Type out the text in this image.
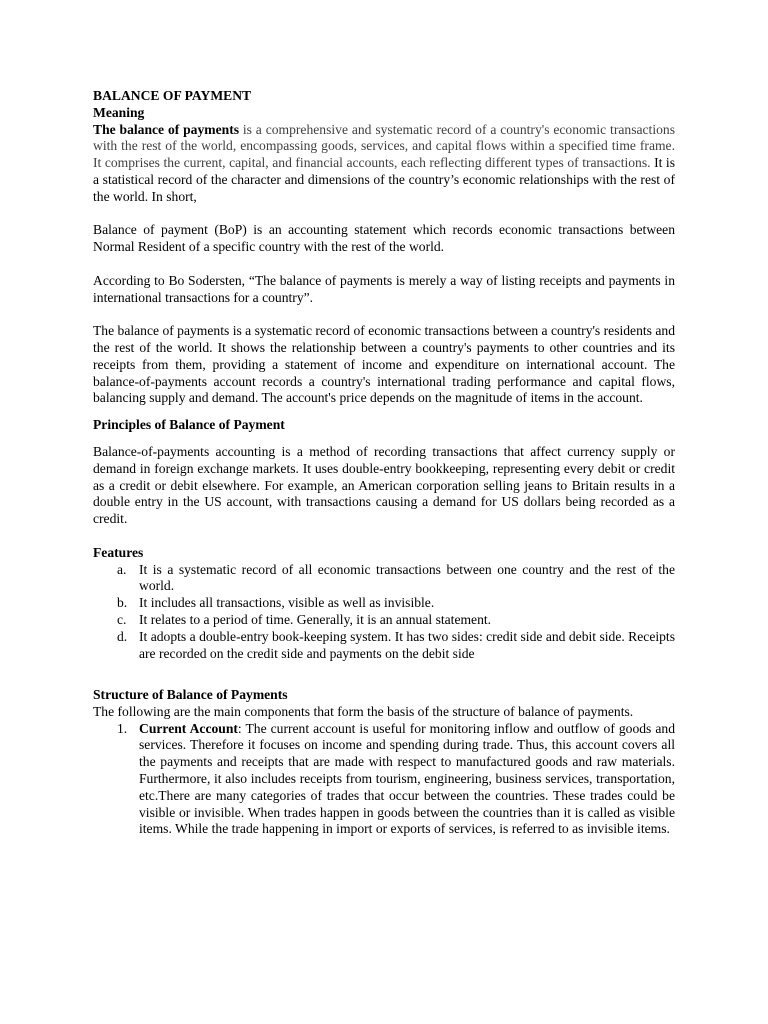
BALANCE OF PAYMENT

Meaning

The balance of payments is a comprehensive and systematic record of a country's economic transactions with the rest of the world, encompassing goods, services, and capital flows within a specified time frame. It comprises the current, capital, and financial accounts, each reflecting different types of transactions. It is a statistical record of the character and dimensions of the country’s economic relationships with the rest of the world. In short,

Balance of payment (BoP) is an accounting statement which records economic transactions between Normal Resident of a specific country with the rest of the world.

According to Bo Sodersten, “The balance of payments is merely a way of listing receipts and payments in international transactions for a country”.

The balance of payments is a systematic record of economic transactions between a country's residents and the rest of the world. It shows the relationship between a country's payments to other countries and its receipts from them, providing a statement of income and expenditure on international account. The balance-of-payments account records a country's international trading performance and capital flows, balancing supply and demand. The account's price depends on the magnitude of items in the account.

Principles of Balance of Payment

Balance-of-payments accounting is a method of recording transactions that affect currency supply or demand in foreign exchange markets. It uses double-entry bookkeeping, representing every debit or credit as a credit or debit elsewhere. For example, an American corporation selling jeans to Britain results in a double entry in the US account, with transactions causing a demand for US dollars being recorded as a credit.

Features

a. It is a systematic record of all economic transactions between one country and the rest of the world.
b. It includes all transactions, visible as well as invisible.
c. It relates to a period of time. Generally, it is an annual statement.
d. It adopts a double-entry book-keeping system. It has two sides: credit side and debit side. Receipts are recorded on the credit side and payments on the debit side

Structure of Balance of Payments

The following are the main components that form the basis of the structure of balance of payments.

1. Current Account: The current account is useful for monitoring inflow and outflow of goods and services. Therefore it focuses on income and spending during trade. Thus, this account covers all the payments and receipts that are made with respect to manufactured goods and raw materials. Furthermore, it also includes receipts from tourism, engineering, business services, transportation, etc.There are many categories of trades that occur between the countries. These trades could be visible or invisible. When trades happen in goods between the countries than it is called as visible items. While the trade happening in import or exports of services, is referred to as invisible items.
